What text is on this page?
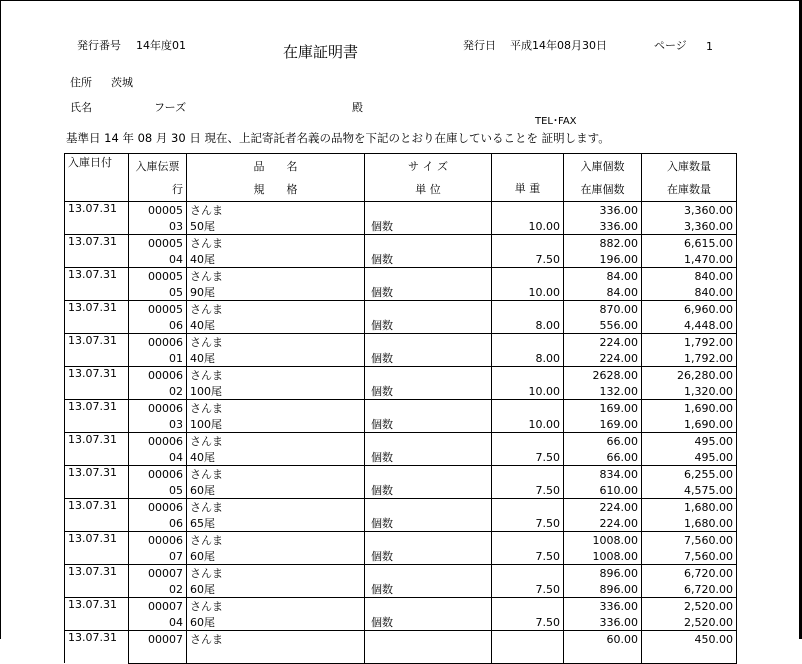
発行番号 14年度01	在庫証明書	発行日 平成14年08月30日	ページ 1
住所 茨城
氏名	フーズ	殿
TEL･FAX
基準日 14 年 08 月 30 日 現在、上記寄託者名義の品物を下記のとおり在庫していることを 証明します。
入庫日付	入庫伝票	品　　名	サ イ ズ	単 重	入庫個数	入庫数量
	行	規　　格	単 位		在庫個数	在庫数量
13.07.31	00005	さんま			336.00	3,360.00
	03	50尾	個数	10.00	336.00	3,360.00
13.07.31	00005	さんま			882.00	6,615.00
	04	40尾	個数	7.50	196.00	1,470.00
13.07.31	00005	さんま			84.00	840.00
	05	90尾	個数	10.00	84.00	840.00
13.07.31	00005	さんま			870.00	6,960.00
	06	40尾	個数	8.00	556.00	4,448.00
13.07.31	00006	さんま			224.00	1,792.00
	01	40尾	個数	8.00	224.00	1,792.00
13.07.31	00006	さんま			2628.00	26,280.00
	02	100尾	個数	10.00	132.00	1,320.00
13.07.31	00006	さんま			169.00	1,690.00
	03	100尾	個数	10.00	169.00	1,690.00
13.07.31	00006	さんま			66.00	495.00
	04	40尾	個数	7.50	66.00	495.00
13.07.31	00006	さんま			834.00	6,255.00
	05	60尾	個数	7.50	610.00	4,575.00
13.07.31	00006	さんま			224.00	1,680.00
	06	65尾	個数	7.50	224.00	1,680.00
13.07.31	00006	さんま			1008.00	7,560.00
	07	60尾	個数	7.50	1008.00	7,560.00
13.07.31	00007	さんま			896.00	6,720.00
	02	60尾	個数	7.50	896.00	6,720.00
13.07.31	00007	さんま			336.00	2,520.00
	04	60尾	個数	7.50	336.00	2,520.00
13.07.31	00007	さんま			60.00	450.00
